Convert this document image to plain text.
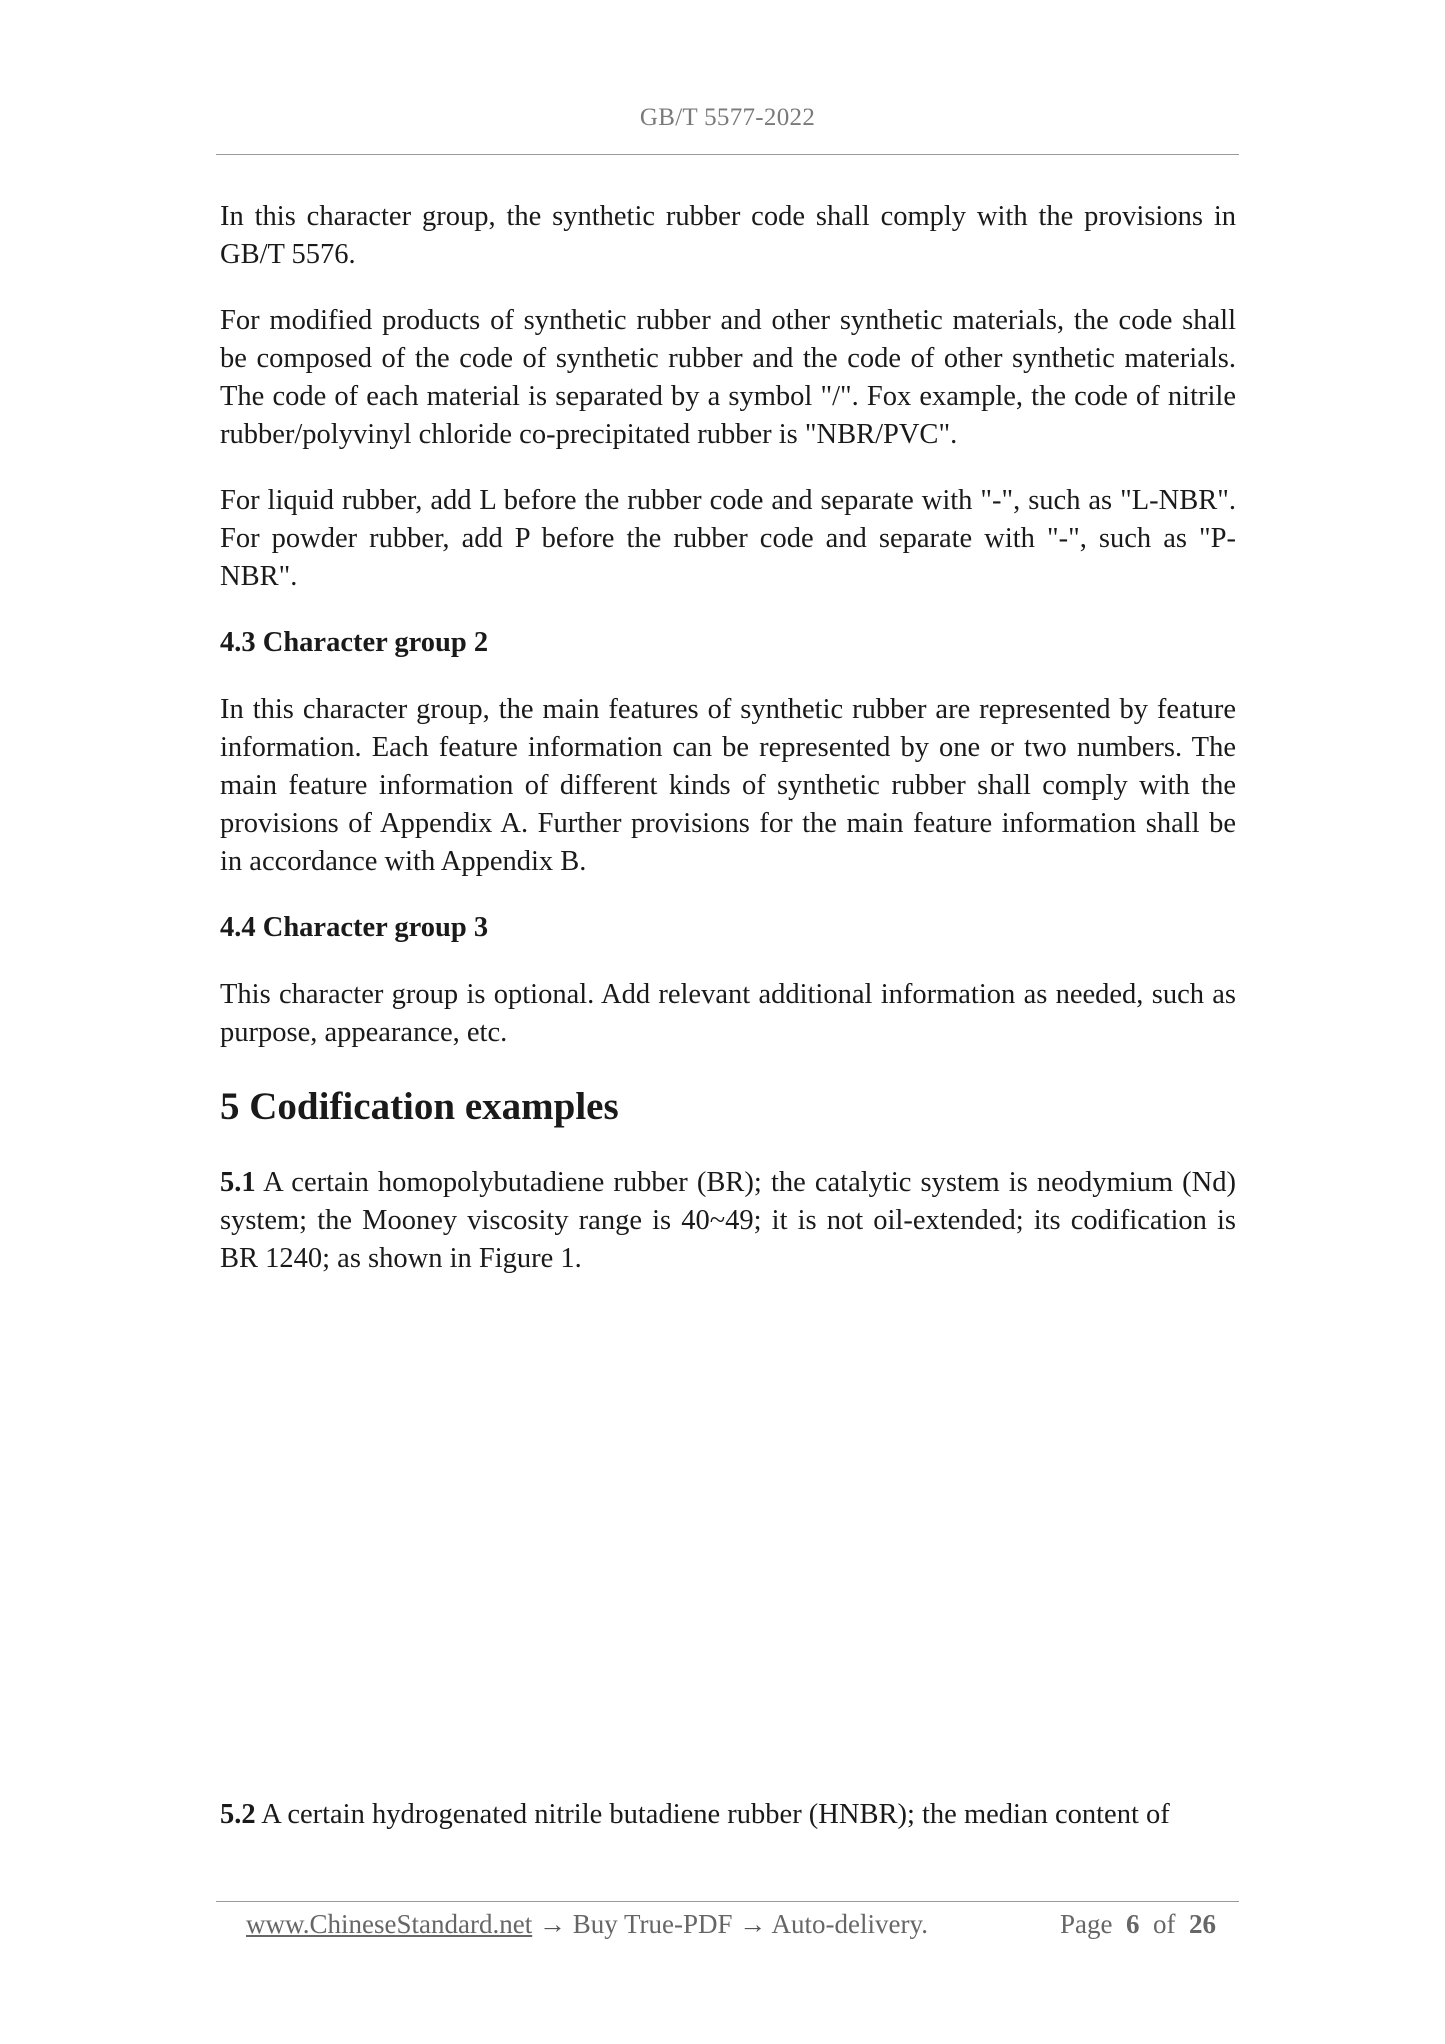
GB/T 5577-2022

In this character group, the synthetic rubber code shall comply with the provisions in GB/T 5576.

For modified products of synthetic rubber and other synthetic materials, the code shall be composed of the code of synthetic rubber and the code of other synthetic materials. The code of each material is separated by a symbol "/". Fox example, the code of nitrile rubber/polyvinyl chloride co-precipitated rubber is "NBR/PVC".

For liquid rubber, add L before the rubber code and separate with "-", such as "L-NBR". For powder rubber, add P before the rubber code and separate with "-", such as "P-NBR".

4.3 Character group 2

In this character group, the main features of synthetic rubber are represented by feature information. Each feature information can be represented by one or two numbers. The main feature information of different kinds of synthetic rubber shall comply with the provisions of Appendix A. Further provisions for the main feature information shall be in accordance with Appendix B.

4.4 Character group 3

This character group is optional. Add relevant additional information as needed, such as purpose, appearance, etc.

5 Codification examples

5.1 A certain homopolybutadiene rubber (BR); the catalytic system is neodymium (Nd) system; the Mooney viscosity range is 40~49; it is not oil-extended; its codification is BR 1240; as shown in Figure 1.

5.2 A certain hydrogenated nitrile butadiene rubber (HNBR); the median content of

www.ChineseStandard.net → Buy True-PDF → Auto-delivery.	Page 6 of 26
